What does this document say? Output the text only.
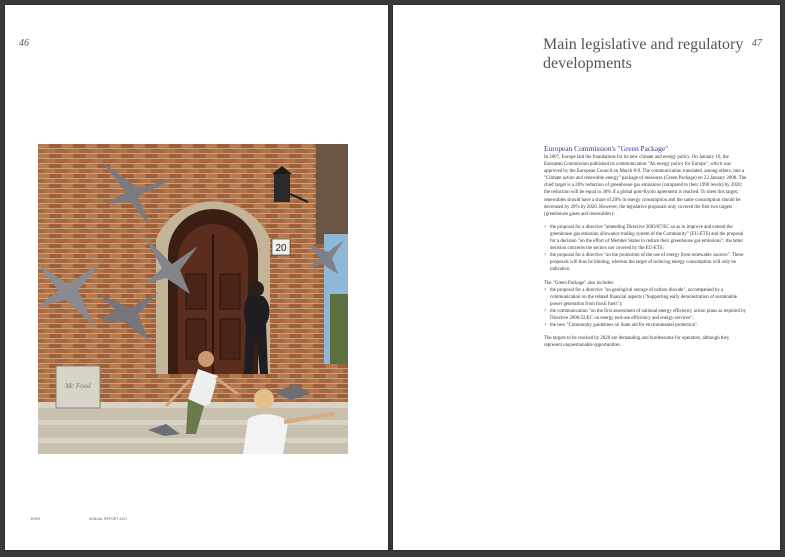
46
20
Mc Food
ENES	ANNUAL REPORT 2007
47
Main legislative and regulatory developments
European Commission's "Green Package"

In 2007, Europe laid the foundations for its new climate and energy policy. On January 10, the European Commission published its communication "An energy policy for Europe", which was approved by the European Council on March 8-9. The communication translated, among others, into a "Climate action and renewable energy" package of measures (Green Package) on 23 January 2008. The chief target is a 20% reduction of greenhouse gas emissions (compared to their 1990 levels) by 2020; the reduction will be equal to 30% if a global post-Kyoto agreement is reached. To meet this target, renewables should have a share of 20% in energy consumption and the same consumption should be decreased by 20% by 2020. However, the legislative proposals only covered the first two targets (greenhouse gases and renewables):

> the proposal for a directive "amending Directive 2003/87/EC so as to improve and extend the greenhouse gas emission allowance trading system of the Community" (EU-ETS) and the proposal for a decision "on the effort of Member States to reduce their greenhouse gas emissions"; the latter decision concerns the sectors not covered by the EU-ETS;
> the proposal for a directive "on the promotion of the use of energy from renewable sources". These proposals will thus be binding, whereas the target of reducing energy consumption will only be indicative.

The "Green Package" also includes:

> the proposal for a directive "on geological storage of carbon dioxide", accompanied by a communication on the related financial aspects ("Supporting early demonstration of sustainable power generation from fossil fuels");
> the communication "on the first assessment of national energy efficiency action plans as required by Directive 2006/32/EC on energy end-use efficiency and energy services";
> the new "Community guidelines on State aid for environmental protection".

The targets to be reached by 2020 are demanding and burdensome for operators, although they represent unquestionable opportunities.
